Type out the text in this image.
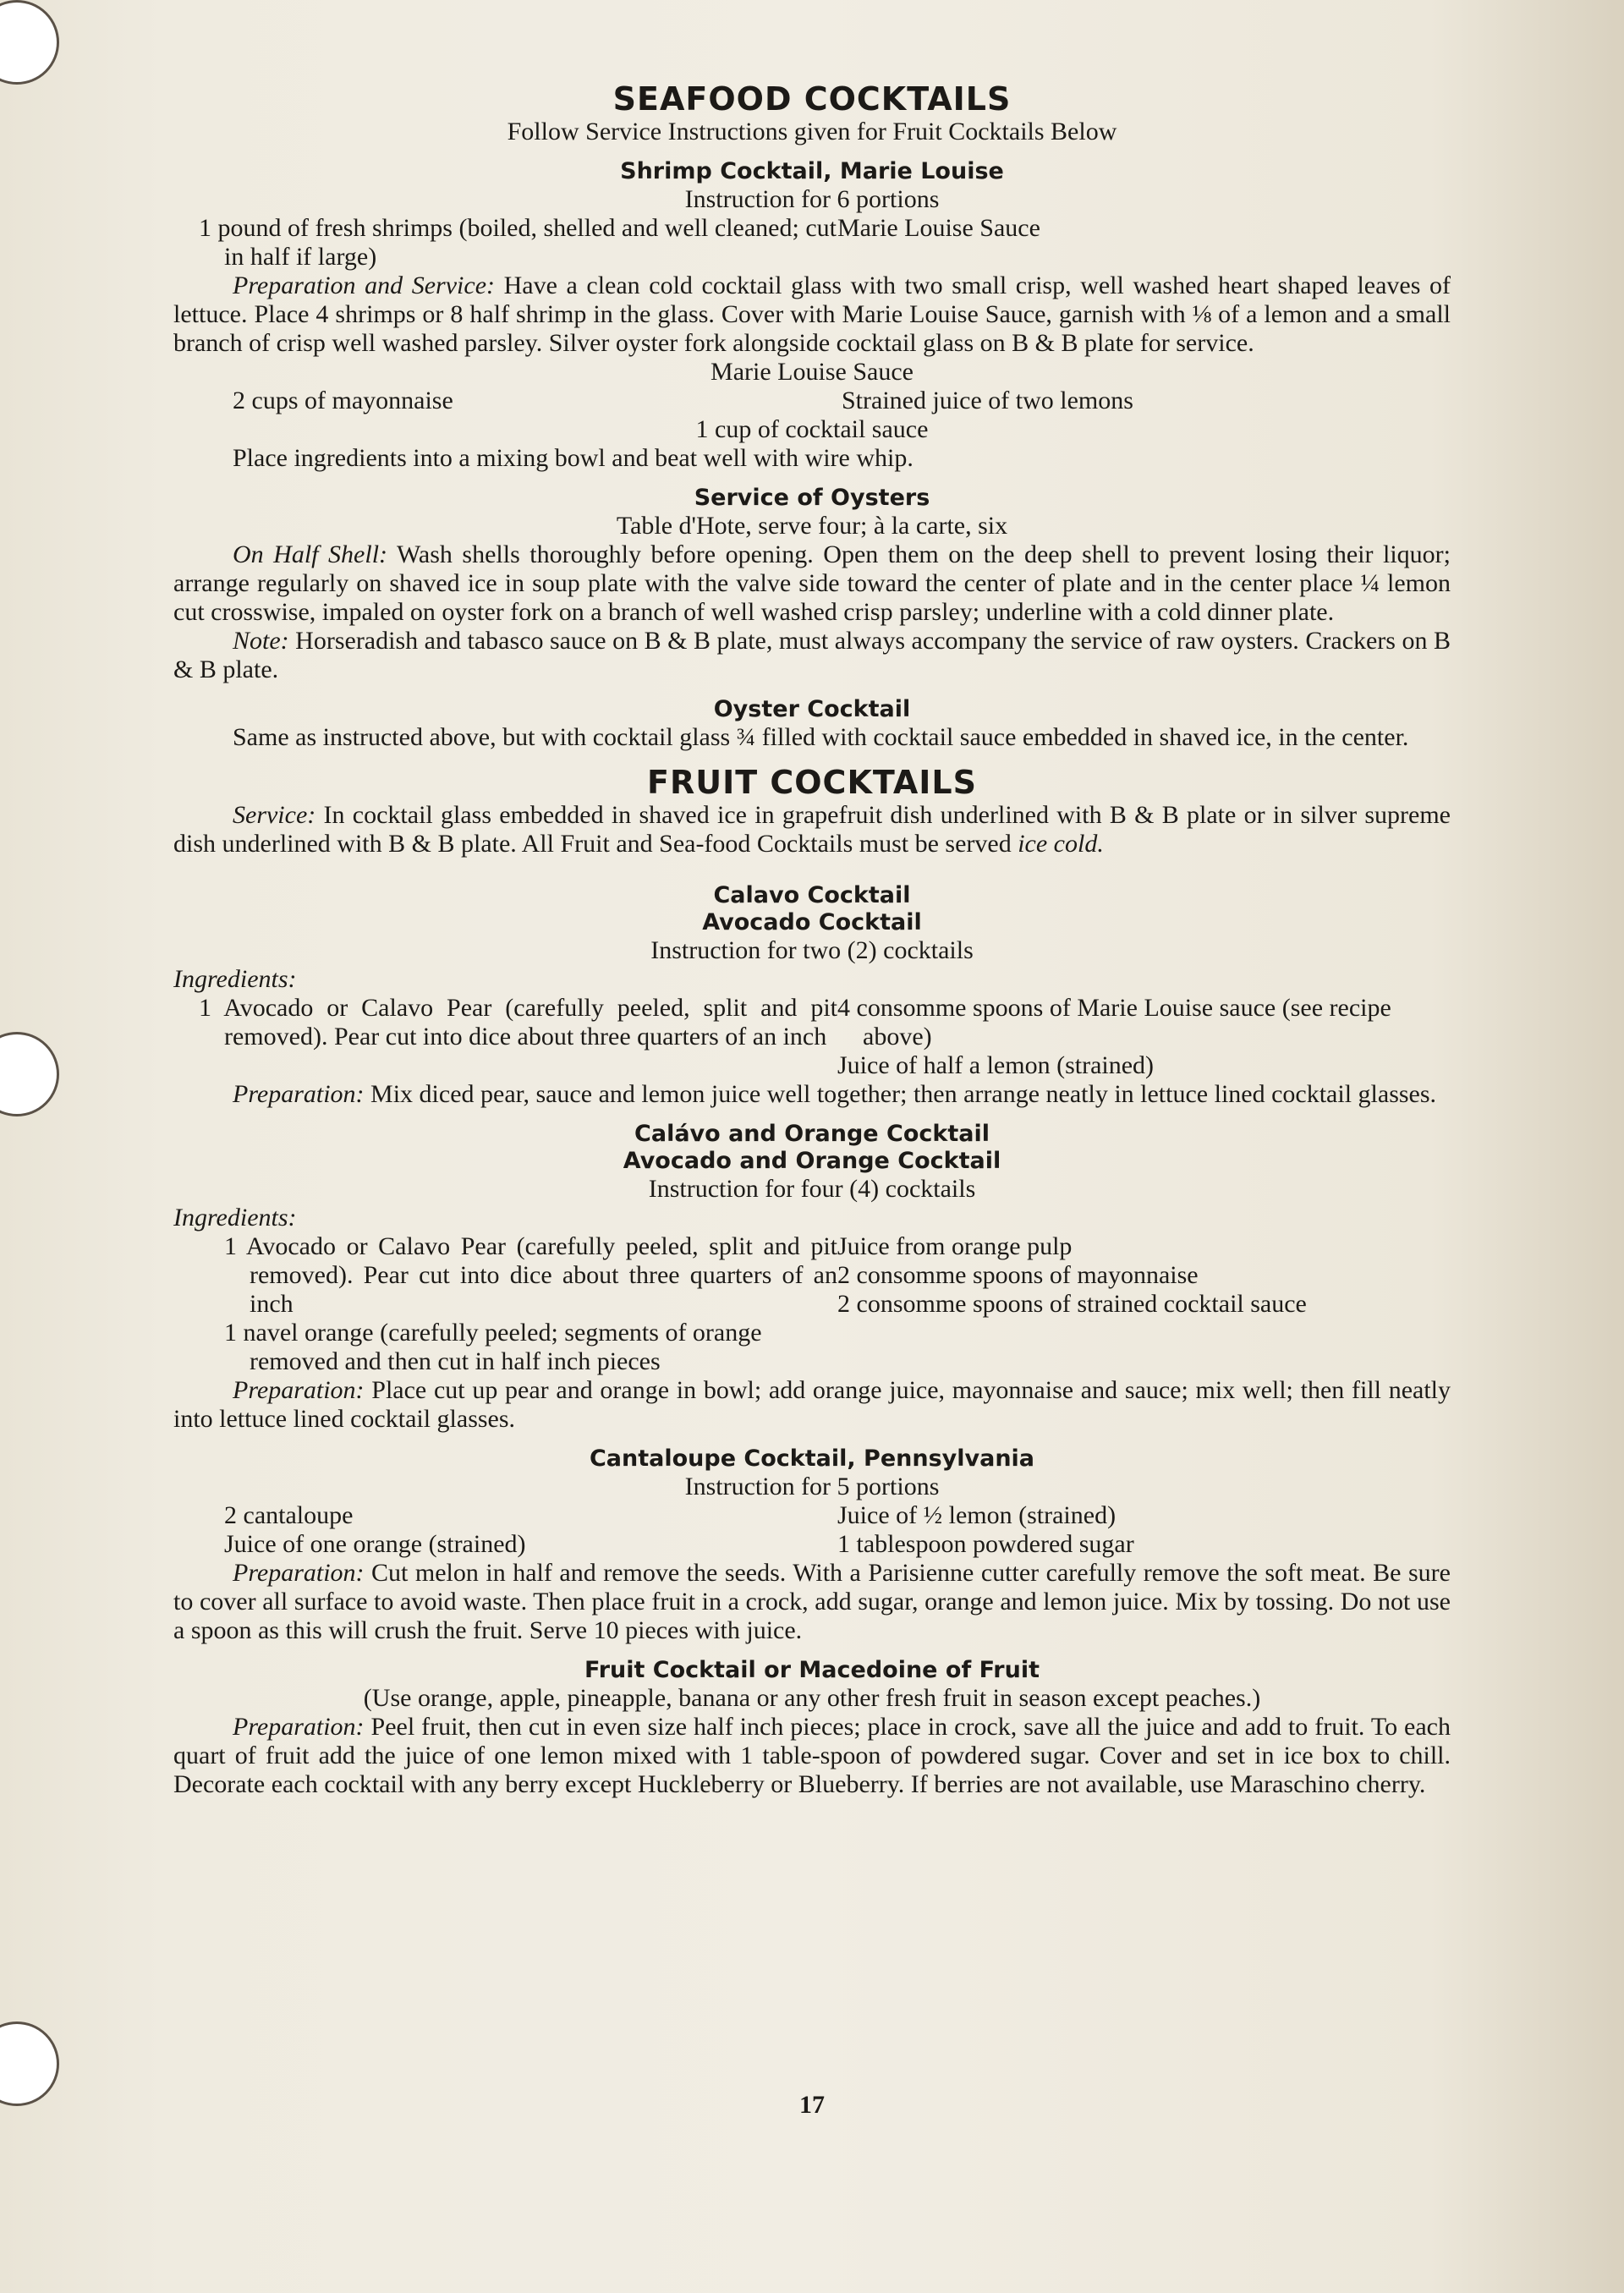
SEAFOOD COCKTAILS
Follow Service Instructions given for Fruit Cocktails Below
Shrimp Cocktail, Marie Louise
Instruction for 6 portions
1 pound of fresh shrimps (boiled, shelled and well cleaned; cut in half if large)
Marie Louise Sauce

Preparation and Service: Have a clean cold cocktail glass with two small crisp, well washed heart shaped leaves of lettuce. Place 4 shrimps or 8 half shrimp in the glass. Cover with Marie Louise Sauce, garnish with ⅛ of a lemon and a small branch of crisp well washed parsley. Silver oyster fork alongside cocktail glass on B & B plate for service.

Marie Louise Sauce
2 cups of mayonnaise	Strained juice of two lemons
1 cup of cocktail sauce
Place ingredients into a mixing bowl and beat well with wire whip.
Service of Oysters
Table d'Hote, serve four; à la carte, six

On Half Shell: Wash shells thoroughly before opening. Open them on the deep shell to prevent losing their liquor; arrange regularly on shaved ice in soup plate with the valve side toward the center of plate and in the center place ¼ lemon cut crosswise, impaled on oyster fork on a branch of well washed crisp parsley; underline with a cold dinner plate.

Note: Horseradish and tabasco sauce on B & B plate, must always accompany the service of raw oysters. Crackers on B & B plate.

Oyster Cocktail

Same as instructed above, but with cocktail glass ¾ filled with cocktail sauce embedded in shaved ice, in the center.

FRUIT COCKTAILS

Service: In cocktail glass embedded in shaved ice in grapefruit dish underlined with B & B plate or in silver supreme dish underlined with B & B plate. All Fruit and Sea-food Cocktails must be served ice cold.

Calavo Cocktail
Avocado Cocktail
Instruction for two (2) cocktails
Ingredients:
1 Avocado or Calavo Pear (carefully peeled, split and pit removed). Pear cut into dice about three quarters of an inch
4 consomme spoons of Marie Louise sauce (see recipe above)
Juice of half a lemon (strained)

Preparation: Mix diced pear, sauce and lemon juice well together; then arrange neatly in lettuce lined cocktail glasses.

Calávo and Orange Cocktail
Avocado and Orange Cocktail
Instruction for four (4) cocktails
Ingredients:
1 Avocado or Calavo Pear (carefully peeled, split and pit removed). Pear cut into dice about three quarters of an inch
1 navel orange (carefully peeled; segments of orange removed and then cut in half inch pieces
Juice from orange pulp
2 consomme spoons of mayonnaise
2 consomme spoons of strained cocktail sauce

Preparation: Place cut up pear and orange in bowl; add orange juice, mayonnaise and sauce; mix well; then fill neatly into lettuce lined cocktail glasses.

Cantaloupe Cocktail, Pennsylvania
Instruction for 5 portions
2 cantaloupe
Juice of one orange (strained)
Juice of ½ lemon (strained)
1 tablespoon powdered sugar

Preparation: Cut melon in half and remove the seeds. With a Parisienne cutter carefully remove the soft meat. Be sure to cover all surface to avoid waste. Then place fruit in a crock, add sugar, orange and lemon juice. Mix by tossing. Do not use a spoon as this will crush the fruit. Serve 10 pieces with juice.

Fruit Cocktail or Macedoine of Fruit
(Use orange, apple, pineapple, banana or any other fresh fruit in season except peaches.)

Preparation: Peel fruit, then cut in even size half inch pieces; place in crock, save all the juice and add to fruit. To each quart of fruit add the juice of one lemon mixed with 1 table-spoon of powdered sugar. Cover and set in ice box to chill. Decorate each cocktail with any berry except Huckleberry or Blueberry. If berries are not available, use Maraschino cherry.

17
